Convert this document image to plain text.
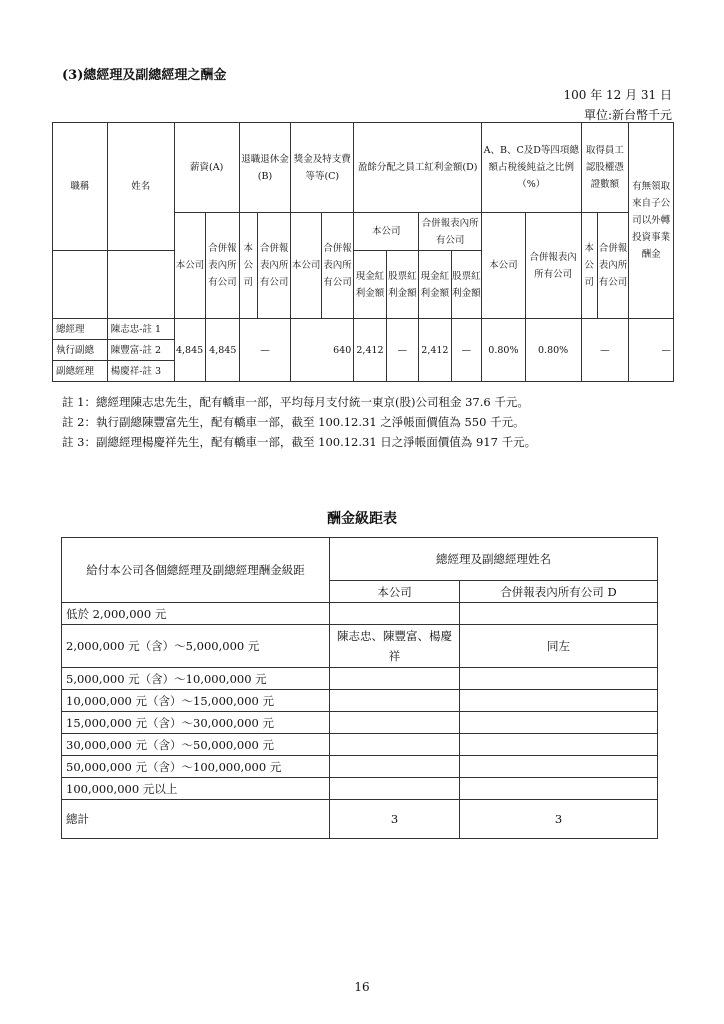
(3)總經理及副總經理之酬金
100 年 12 月 31 日
單位:新台幣千元
職稱	姓名	薪資(A)		退職退休金(B)		獎金及特支費等等(C)		盈餘分配之員工紅利金額(D)				A、B、C及D等四項總額占稅後純益之比例（%）		取得員工認股權憑證數額		有無領取來自子公司以外轉投資事業酬金
		本公司	合併報表內所有公司	本公司	合併報表內所有公司	本公司	合併報表內所有公司	本公司		合併報表內所有公司		本公司	合併報表內所有公司	本公司	合併報表內所有公司	
								現金紅利金額	股票紅利金額	現金紅利金額	股票紅利金額					
總經理	陳志忠-註 1	4,845	4,845	—		640		2,412	—	2,412	—	0.80%	0.80%	—		—
執行副總	陳豐富-註 2															
副總經理	楊慶祥-註 3															
註 1：總經理陳志忠先生，配有轎車一部，平均每月支付統一東京(股)公司租金 37.6 千元。
註 2：執行副總陳豐富先生，配有轎車一部，截至 100.12.31 之淨帳面價值為 550 千元。
註 3：副總經理楊慶祥先生，配有轎車一部，截至 100.12.31 日之淨帳面價值為 917 千元。
酬金級距表
給付本公司各個總經理及副總經理酬金級距	總經理及副總經理姓名	
	本公司	合併報表內所有公司 D
低於 2,000,000 元		
2,000,000 元（含）～5,000,000 元	陳志忠、陳豐富、楊慶祥	同左
5,000,000 元（含）～10,000,000 元		
10,000,000 元（含）～15,000,000 元		
15,000,000 元（含）～30,000,000 元		
30,000,000 元（含）～50,000,000 元		
50,000,000 元（含）～100,000,000 元		
100,000,000 元以上		
總計	3	3
16
